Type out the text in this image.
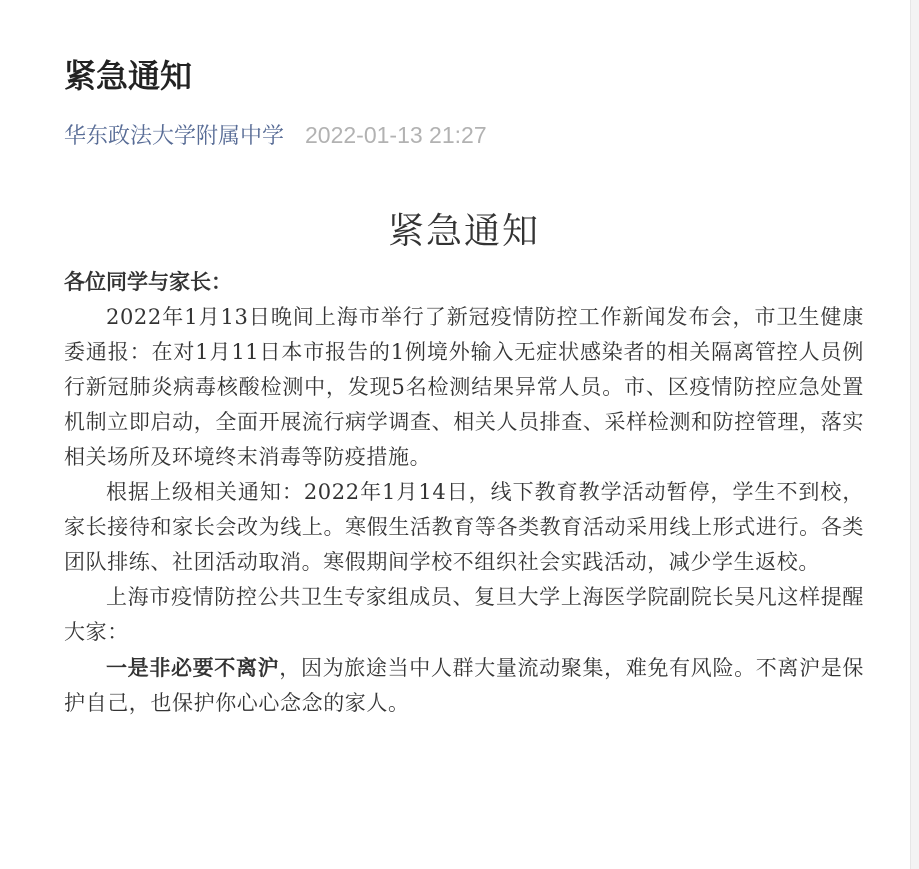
紧急通知
华东政法大学附属中学 2022-01-13 21:27
紧急通知

各位同学与家长：

2022年1月13日晚间上海市举行了新冠疫情防控工作新闻发布会，市卫生健康委通报：在对1月11日本市报告的1例境外输入无症状感染者的相关隔离管控人员例行新冠肺炎病毒核酸检测中，发现5名检测结果异常人员。市、区疫情防控应急处置机制立即启动，全面开展流行病学调查、相关人员排查、采样检测和防控管理，落实相关场所及环境终末消毒等防疫措施。

根据上级相关通知：2022年1月14日，线下教育教学活动暂停，学生不到校，家长接待和家长会改为线上。寒假生活教育等各类教育活动采用线上形式进行。各类团队排练、社团活动取消。寒假期间学校不组织社会实践活动，减少学生返校。

上海市疫情防控公共卫生专家组成员、复旦大学上海医学院副院长吴凡这样提醒大家：

一是非必要不离沪，因为旅途当中人群大量流动聚集，难免有风险。不离沪是保护自己，也保护你心心念念的家人。
